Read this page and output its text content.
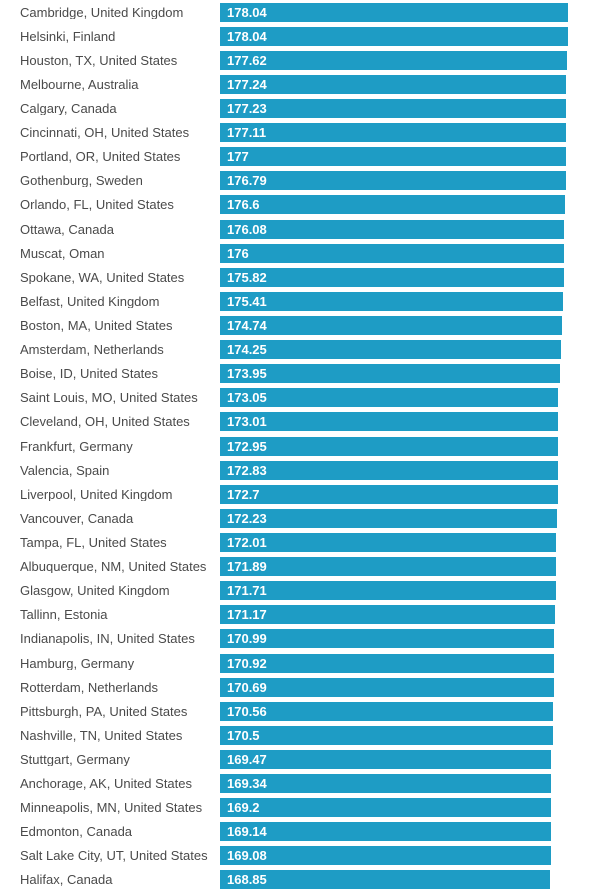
Cambridge, United Kingdom	178.04
Helsinki, Finland	178.04
Houston, TX, United States	177.62
Melbourne, Australia	177.24
Calgary, Canada	177.23
Cincinnati, OH, United States	177.11
Portland, OR, United States	177
Gothenburg, Sweden	176.79
Orlando, FL, United States	176.6
Ottawa, Canada	176.08
Muscat, Oman	176
Spokane, WA, United States	175.82
Belfast, United Kingdom	175.41
Boston, MA, United States	174.74
Amsterdam, Netherlands	174.25
Boise, ID, United States	173.95
Saint Louis, MO, United States	173.05
Cleveland, OH, United States	173.01
Frankfurt, Germany	172.95
Valencia, Spain	172.83
Liverpool, United Kingdom	172.7
Vancouver, Canada	172.23
Tampa, FL, United States	172.01
Albuquerque, NM, United States	171.89
Glasgow, United Kingdom	171.71
Tallinn, Estonia	171.17
Indianapolis, IN, United States	170.99
Hamburg, Germany	170.92
Rotterdam, Netherlands	170.69
Pittsburgh, PA, United States	170.56
Nashville, TN, United States	170.5
Stuttgart, Germany	169.47
Anchorage, AK, United States	169.34
Minneapolis, MN, United States	169.2
Edmonton, Canada	169.14
Salt Lake City, UT, United States	169.08
Halifax, Canada	168.85
